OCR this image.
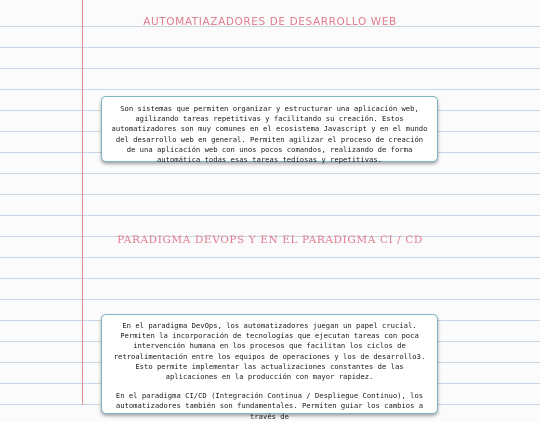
AUTOMATIAZADORES DE DESARROLLO WEB

Son sistemas que permiten organizar y estructurar una aplicación web, agilizando tareas repetitivas y facilitando su creación. Estos automatizadores son muy comunes en el ecosistema Javascript y en el mundo del desarrollo web en general. Permiten agilizar el proceso de creación de una aplicación web con unos pocos comandos, realizando de forma automática todas esas tareas tediosas y repetitivas.

PARADIGMA DEVOPS Y EN EL PARADIGMA CI / CD

En el paradigma DevOps, los automatizadores juegan un papel crucial. Permiten la incorporación de tecnologías que ejecutan tareas con poca intervención humana en los procesos que facilitan los ciclos de retroalimentación entre los equipos de operaciones y los de desarrollo3. Esto permite implementar las actualizaciones constantes de las aplicaciones en la producción con mayor rapidez.

En el paradigma CI/CD (Integración Continua / Despliegue Continuo), los automatizadores también son fundamentales. Permiten guiar los cambios a través de
